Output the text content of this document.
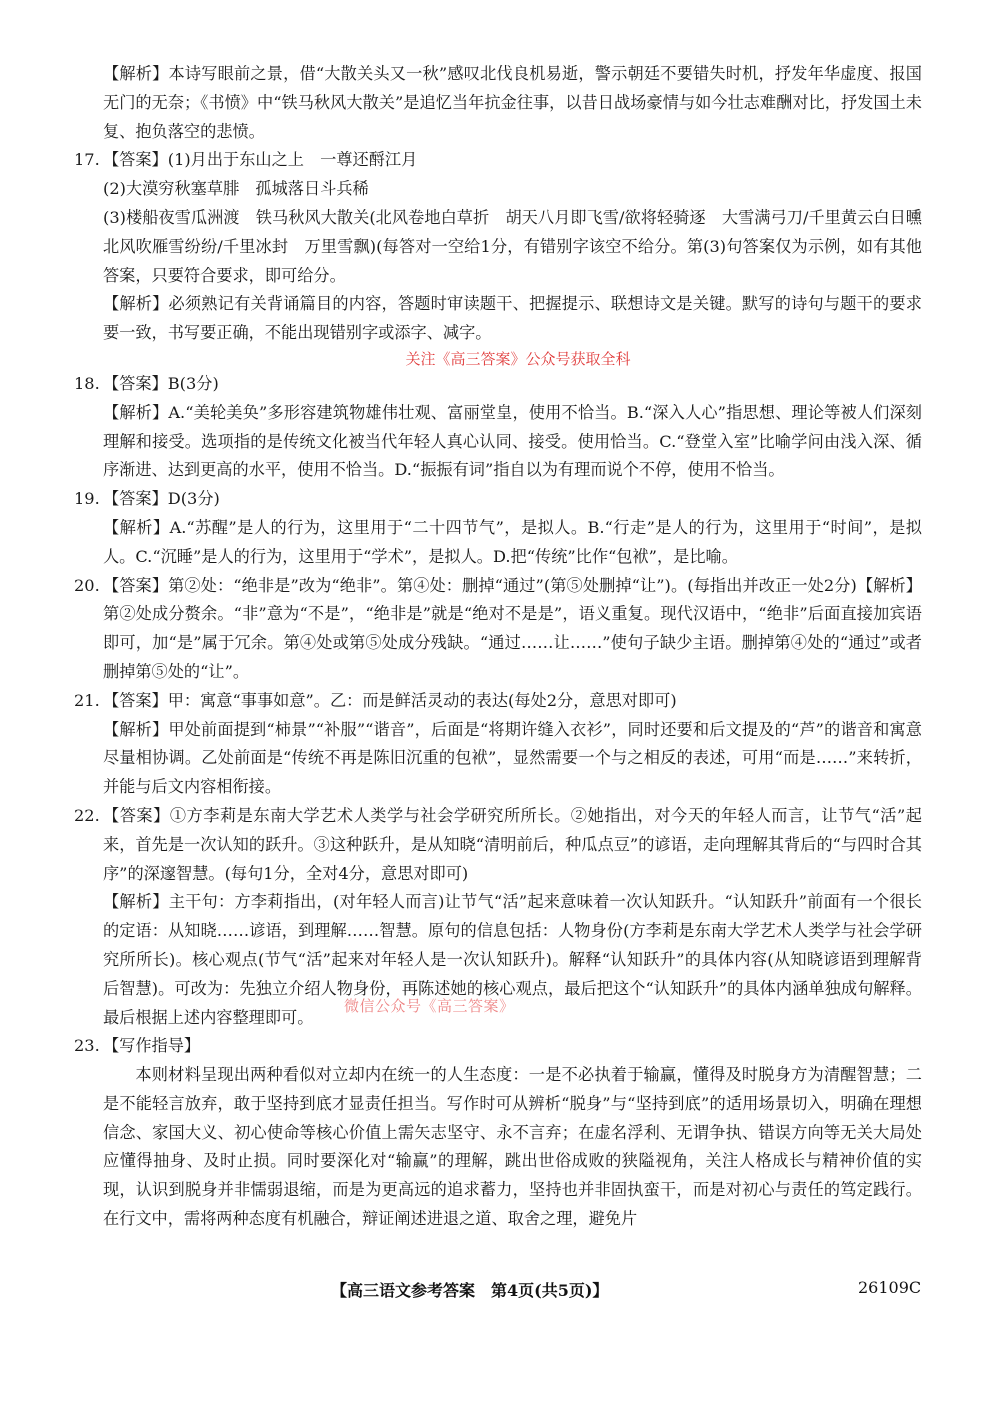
【解析】本诗写眼前之景，借“大散关头又一秋”感叹北伐良机易逝，警示朝廷不要错失时机，抒发年华虚度、报国无门的无奈；《书愤》中“铁马秋风大散关”是追忆当年抗金往事，以昔日战场豪情与如今壮志难酬对比，抒发国土未复、抱负落空的悲愤。

17. 【答案】(1)月出于东山之上　一尊还酹江月

(2)大漠穷秋塞草腓　孤城落日斗兵稀

(3)楼船夜雪瓜洲渡　铁马秋风大散关(北风卷地白草折　胡天八月即飞雪/欲将轻骑逐　大雪满弓刀/千里黄云白日曛　北风吹雁雪纷纷/千里冰封　万里雪飘)(每答对一空给1分，有错别字该空不给分。第(3)句答案仅为示例，如有其他答案，只要符合要求，即可给分。

【解析】必须熟记有关背诵篇目的内容，答题时审读题干、把握提示、联想诗文是关键。默写的诗句与题干的要求要一致，书写要正确，不能出现错别字或添字、减字。

关注《高三答案》公众号获取全科
18. 【答案】B(3分)

【解析】A.“美轮美奂”多形容建筑物雄伟壮观、富丽堂皇，使用不恰当。B.“深入人心”指思想、理论等被人们深刻理解和接受。选项指的是传统文化被当代年轻人真心认同、接受。使用恰当。C.“登堂入室”比喻学问由浅入深、循序渐进、达到更高的水平，使用不恰当。D.“振振有词”指自以为有理而说个不停，使用不恰当。

19. 【答案】D(3分)

【解析】A.“苏醒”是人的行为，这里用于“二十四节气”，是拟人。B.“行走”是人的行为，这里用于“时间”，是拟人。C.“沉睡”是人的行为，这里用于“学术”，是拟人。D.把“传统”比作“包袱”，是比喻。

20. 【答案】第②处：“绝非是”改为“绝非”。第④处：删掉“通过”(第⑤处删掉“让”)。(每指出并改正一处2分)【解析】第②处成分赘余。“非”意为“不是”，“绝非是”就是“绝对不是是”，语义重复。现代汉语中，“绝非”后面直接加宾语即可，加“是”属于冗余。第④处或第⑤处成分残缺。“通过……让……”使句子缺少主语。删掉第④处的“通过”或者删掉第⑤处的“让”。

21. 【答案】甲：寓意“事事如意”。乙：而是鲜活灵动的表达(每处2分，意思对即可)

【解析】甲处前面提到“柿景”“补服”“谐音”，后面是“将期许缝入衣衫”，同时还要和后文提及的“芦”的谐音和寓意尽量相协调。乙处前面是“传统不再是陈旧沉重的包袱”，显然需要一个与之相反的表述，可用“而是……”来转折，并能与后文内容相衔接。

22. 【答案】①方李莉是东南大学艺术人类学与社会学研究所所长。②她指出，对今天的年轻人而言，让节气“活”起来，首先是一次认知的跃升。③这种跃升，是从知晓“清明前后，种瓜点豆”的谚语，走向理解其背后的“与四时合其序”的深邃智慧。(每句1分，全对4分，意思对即可)

【解析】主干句：方李莉指出，(对年轻人而言)让节气“活”起来意味着一次认知跃升。“认知跃升”前面有一个很长的定语：从知晓……谚语，到理解……智慧。原句的信息包括：人物身份(方李莉是东南大学艺术人类学与社会学研究所所长)。核心观点(节气“活”起来对年轻人是一次认知跃升)。解释“认知跃升”的具体内容(从知晓谚语到理解背后智慧)。可改为：先独立介绍人物身份，再陈述她的核心观点，最后把这个“认知跃升”的具体内涵单独成句解释。最后根据上述内容整理即可。

23. 【写作指导】

本则材料呈现出两种看似对立却内在统一的人生态度：一是不必执着于输赢，懂得及时脱身方为清醒智慧；二是不能轻言放弃，敢于坚持到底才显责任担当。写作时可从辨析“脱身”与“坚持到底”的适用场景切入，明确在理想信念、家国大义、初心使命等核心价值上需矢志坚守、永不言弃；在虚名浮利、无谓争执、错误方向等无关大局处应懂得抽身、及时止损。同时要深化对“输赢”的理解，跳出世俗成败的狭隘视角，关注人格成长与精神价值的实现，认识到脱身并非懦弱退缩，而是为更高远的追求蓄力，坚持也并非固执蛮干，而是对初心与责任的笃定践行。在行文中，需将两种态度有机融合，辩证阐述进退之道、取舍之理，避免片

微信公众号《高三答案》
【高三语文参考答案　第4页(共5页)】	26109C
